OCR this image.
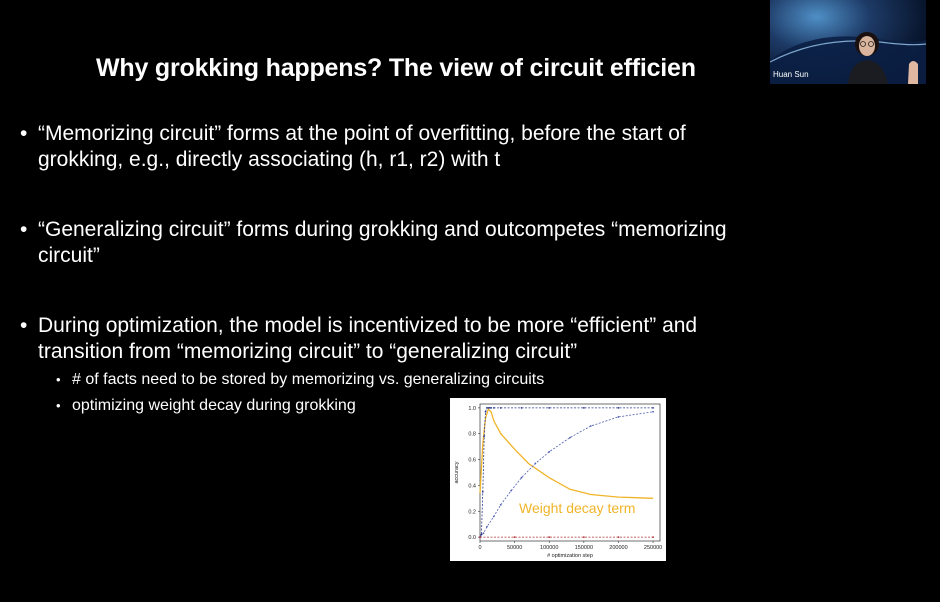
Why grokking happens? The view of circuit efficien
• “Memorizing circuit” forms at the point of overfitting, before the start of
grokking, e.g., directly associating (h, r1, r2) with t
• “Generalizing circuit” forms during grokking and outcompetes “memorizing
circuit”
• During optimization, the model is incentivized to be more “efficient” and
transition from “memorizing circuit” to “generalizing circuit”
• # of facts need to be stored by memorizing vs. generalizing circuits
• optimizing weight decay during grokking
Huan Sun
0	50000	100000	150000	200000	250000
0.0
0.2
0.4
0.6
0.8
1.0
# optimization step
accuracy
Weight decay term
